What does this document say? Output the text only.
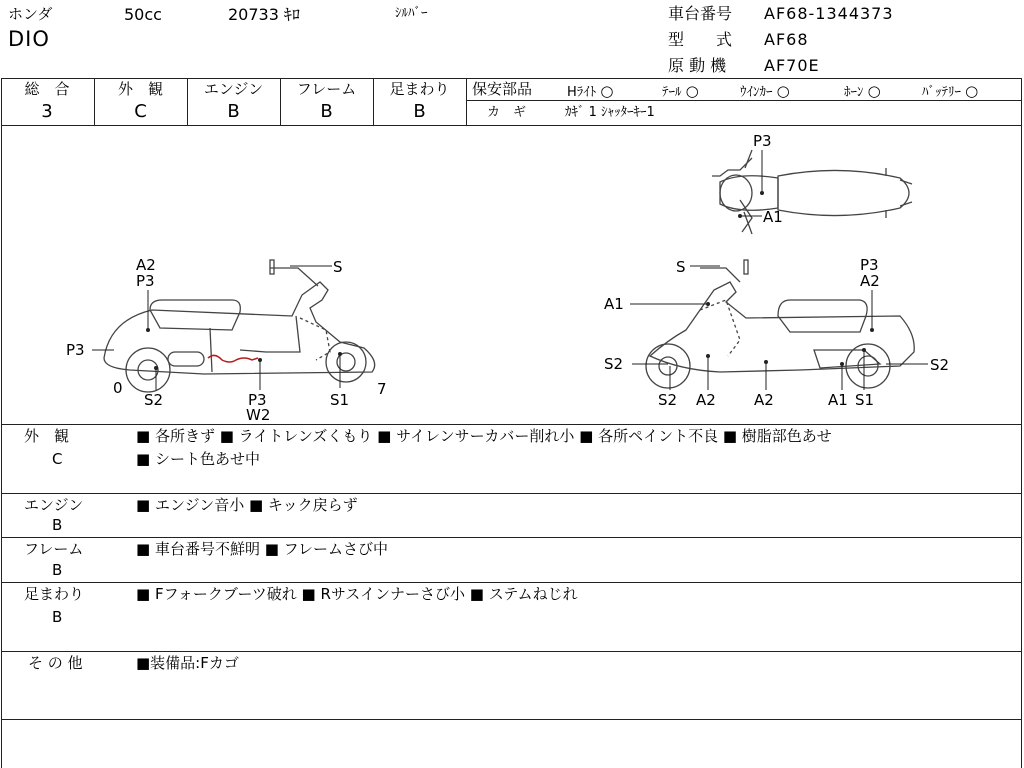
ホンダ	50cc	20733 ｷﾛ	ｼﾙﾊﾞｰ
DIO
車台番号 AF68-1344373
型　　式 AF68
原 動 機 AF70E
総　合
3
外　観
C
エンジン
B
フレーム
B
足まわり
B
保安部品	Hﾗｲﾄ ○	ﾃｰﾙ ○	ｳｲﾝｶｰ ○	ﾎｰﾝ ○	ﾊﾞｯﾃﾘｰ ○
カ　ギ	ｶｷﾞ 1 ｼｬｯﾀｰｷｰ1
P3
A1
A2
P3
S
P3
0
S2	P3
W2
S1
7
S	P3
A2
A1
S2	S2
S2 A2	A2	A1 S1
外　観
C
■ 各所きず ■ ライトレンズくもり ■ サイレンサーカバー削れ小 ■ 各所ペイント不良 ■ 樹脂部色あせ
■ シート色あせ中
エンジン
B
■ エンジン音小 ■ キック戻らず
フレーム
B
■ 車台番号不鮮明 ■ フレームさび中
足まわり
B
■ Fフォークブーツ破れ ■ Rサスインナーさび小 ■ ステムねじれ
そ の 他	■装備品:Fカゴ
